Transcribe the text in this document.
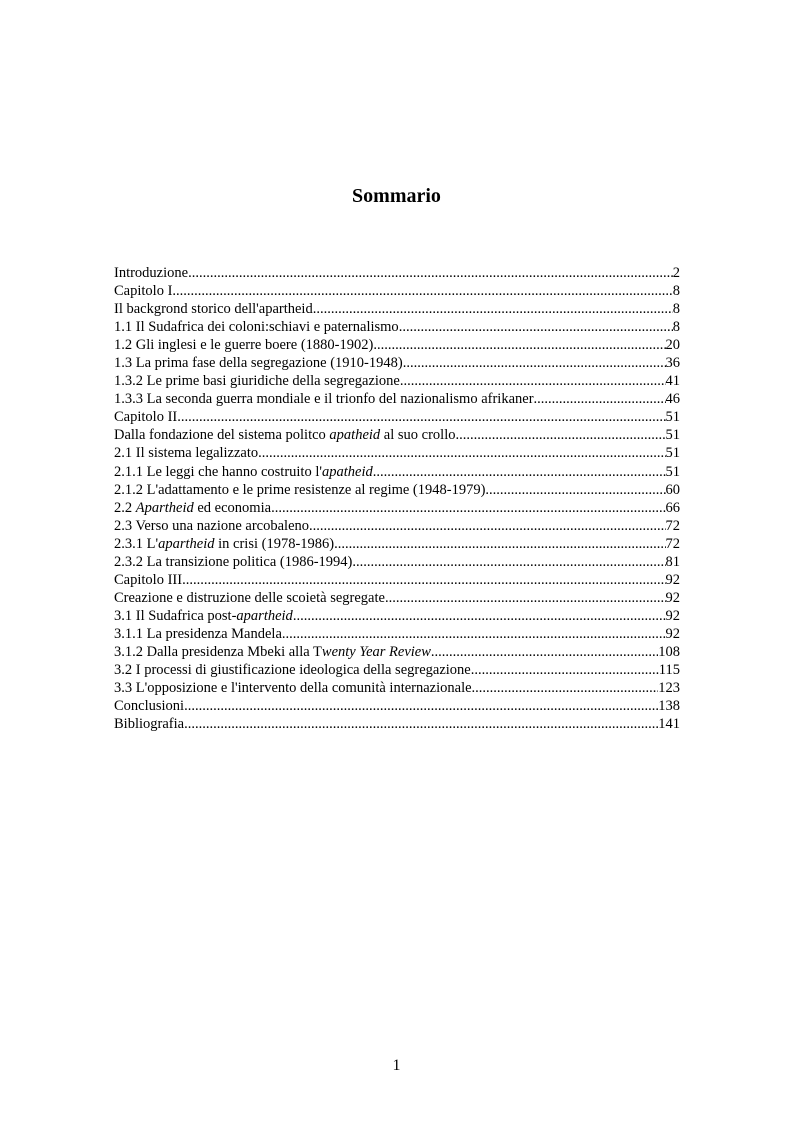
Sommario
Introduzione .....	2
Capitolo I .....	8
Il backgrond storico dell'apartheid .....	8
1.1 Il Sudafrica dei coloni:schiavi e paternalismo .....	8
1.2 Gli inglesi e le guerre boere (1880-1902) .....	20
1.3 La prima fase della segregazione (1910-1948) .....	36
1.3.2 Le prime basi giuridiche della segregazione .....	41
1.3.3 La seconda guerra mondiale e il trionfo del nazionalismo afrikaner .....	46
Capitolo II .....	51
Dalla fondazione del sistema politco apatheid al suo crollo .....	51
2.1 Il sistema legalizzato .....	51
2.1.1 Le leggi che hanno costruito l'apatheid .....	51
2.1.2 L'adattamento e le prime resistenze al regime (1948-1979) .....	60
2.2 Apartheid ed economia .....	66
2.3 Verso una nazione arcobaleno .....	72
2.3.1 L'apartheid in crisi (1978-1986) .....	72
2.3.2 La transizione politica (1986-1994) .....	81
Capitolo III .....	92
Creazione e distruzione delle scoietà segregate .....	92
3.1 Il Sudafrica post-apartheid .....	92
3.1.1 La presidenza Mandela .....	92
3.1.2 Dalla presidenza Mbeki alla Twenty Year Review .....	108
3.2 I processi di giustificazione ideologica della segregazione .....	115
3.3 L'opposizione e l'intervento della comunità internazionale .....	123
Conclusioni .....	138
Bibliografia .....	141
1
